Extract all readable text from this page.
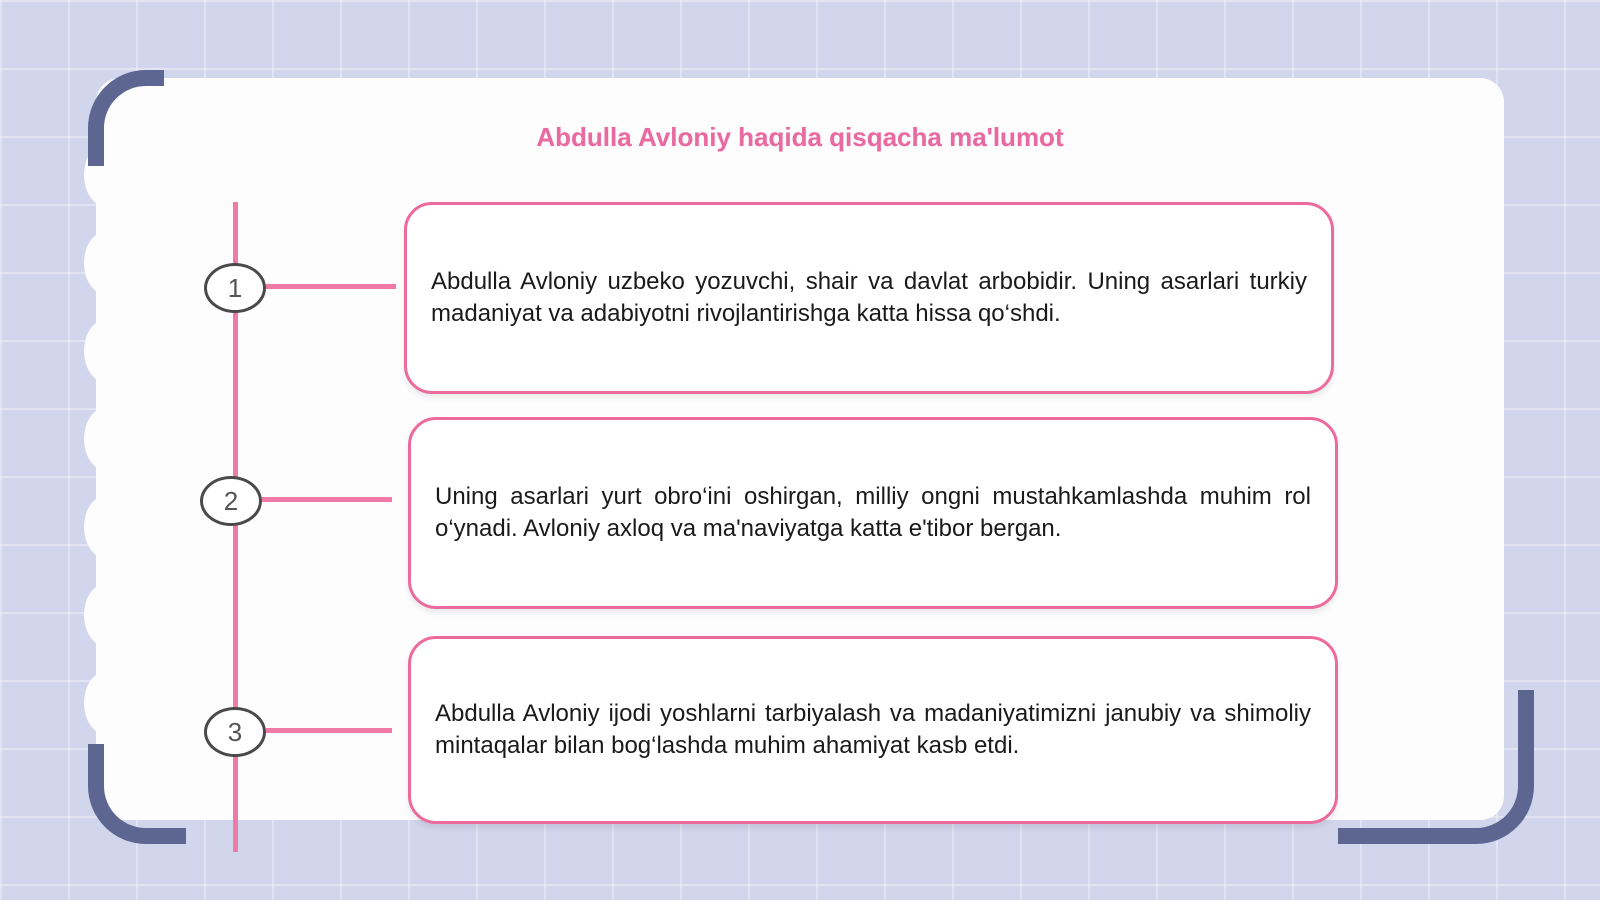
Abdulla Avloniy haqida qisqacha ma'lumot
1	Abdulla Avloniy uzbeko yozuvchi, shair va davlat arbobidir. Uning asarlari turkiy madaniyat va adabiyotni rivojlantirishga katta hissa qo‘shdi.

2	Uning asarlari yurt obro‘ini oshirgan, milliy ongni mustahkamlashda muhim rol o‘ynadi. Avloniy axloq va ma'naviyatga katta e'tibor bergan.

3

Abdulla Avloniy ijodi yoshlarni tarbiyalash va madaniyatimizni janubiy va shimoliy mintaqalar bilan bog‘lashda muhim ahamiyat kasb etdi.
